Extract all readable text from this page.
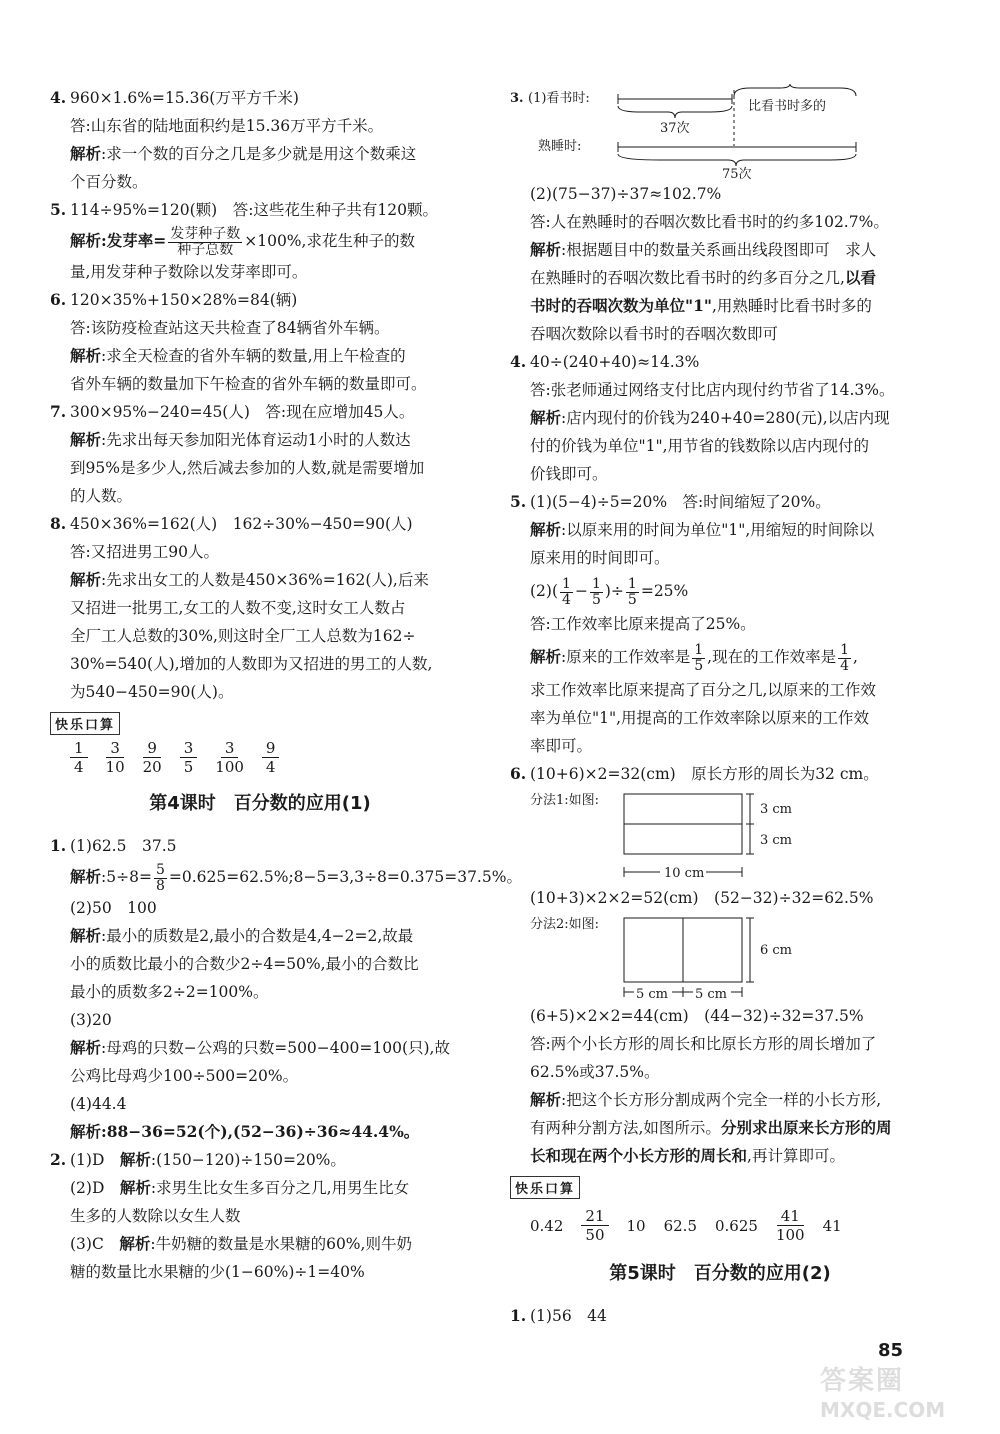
4. 960×1.6%=15.36(万平方千米)
答:山东省的陆地面积约是15.36万平方千米。
解析:求一个数的百分之几是多少就是用这个数乘这
个百分数。
5. 114÷95%=120(颗)　答:这些花生种子共有120颗。
解析:发芽率= $\frac{\text{发芽种子数}}{\text{种子总数}} \times 100\%$,求花生种子的数
量,用发芽种子数除以发芽率即可。
6. 120×35%+150×28%=84(辆)
答:该防疫检查站这天共检查了84辆省外车辆。
解析:求全天检查的省外车辆的数量,用上午检查的
省外车辆的数量加下午检查的省外车辆的数量即可。
7. 300×95%−240=45(人)　答:现在应增加45人。
解析:先求出每天参加阳光体育运动1小时的人数达
到95%是多少人,然后减去参加的人数,就是需要增加
的人数。
8. 450×36%=162(人)　162÷30%−450=90(人)
答:又招进男工90人。
解析:先求出女工的人数是450×36%=162(人),后来
又招进一批男工,女工的人数不变,这时女工人数占
全厂工人总数的30%,则这时全厂工人总数为162÷
30%=540(人),增加的人数即为又招进的男工的人数,
为540−450=90(人)。
快乐口算
1
4
3
10
9
20
3
5
3
100
9
4
第4课时　百分数的应用(1)
1. (1)62.5　37.5
解析:5÷8= $\frac{5}{8}$ =0.625=62.5%;8−5=3,3÷8=0.375=37.5%。
(2)50　100
解析:最小的质数是2,最小的合数是4,4−2=2,故最
小的质数比最小的合数少2÷4=50%,最小的合数比
最小的质数多2÷2=100%。
(3)20
解析:母鸡的只数−公鸡的只数=500−400=100(只),故
公鸡比母鸡少100÷500=20%。
(4)44.4
解析:88−36=52(个),(52−36)÷36≈44.4%。
2. (1)D　 解析:(150−120)÷150=20%。
(2)D　 解析:求男生比女生多百分之几,用男生比女
生多的人数除以女生人数
(3)C　 解析:牛奶糖的数量是水果糖的60%,则牛奶
糖的数量比水果糖的少(1−60%)÷1=40%
3. (1)看书时:
37次
比看书时多的
熟睡时:
75次
(2)(75−37)÷37≈102.7%
答:人在熟睡时的吞咽次数比看书时的约多102.7%。
解析:根据题目中的数量关系画出线段图即可　求人
在熟睡时的吞咽次数比看书时的约多百分之几,以看
书时的吞咽次数为单位"1",用熟睡时比看书时多的
吞咽次数除以看书时的吞咽次数即可
4. 40÷(240+40)≈14.3%
答:张老师通过网络支付比店内现付约节省了14.3%。
解析:店内现付的价钱为240+40=280(元),以店内现
付的价钱为单位"1",用节省的钱数除以店内现付的
价钱即可。
5. (1)(5−4)÷5=20%　答:时间缩短了20%。
解析:以原来用的时间为单位"1",用缩短的时间除以
原来用的时间即可。
$(2)( \frac{1}{4} - \frac{1}{5}$ )÷ $\frac{1}{5} =25\%$
答:工作效率比原来提高了25%。
解析:原来的工作效率是 $\frac{1}{5}$ ,现在的工作效率是 $\frac{1}{4}$ ,
求工作效率比原来提高了百分之几,以原来的工作效
率为单位"1",用提高的工作效率除以原来的工作效
率即可。
6. (10+6)×2=32(cm)　原长方形的周长为32 cm。
分法1:如图:
3 cm
3 cm
10 cm
(10+3)×2×2=52(cm)　(52−32)÷32=62.5%
分法2:如图:
6 cm
5 cm 5 cm
(6+5)×2×2=44(cm)　(44−32)÷32=37.5%
答:两个小长方形的周长和比原长方形的周长增加了
62.5%或37.5%。
解析:把这个长方形分割成两个完全一样的小长方形,
有两种分割方法,如图所示。分别求出原来长方形的周
长和现在两个小长方形的周长和,再计算即可。
快乐口算
0.42
21
50
10 62.5 0.625
41
100
41
第5课时　百分数的应用(2)
1. (1)56　44
85
答案圈
MXQE.COM
